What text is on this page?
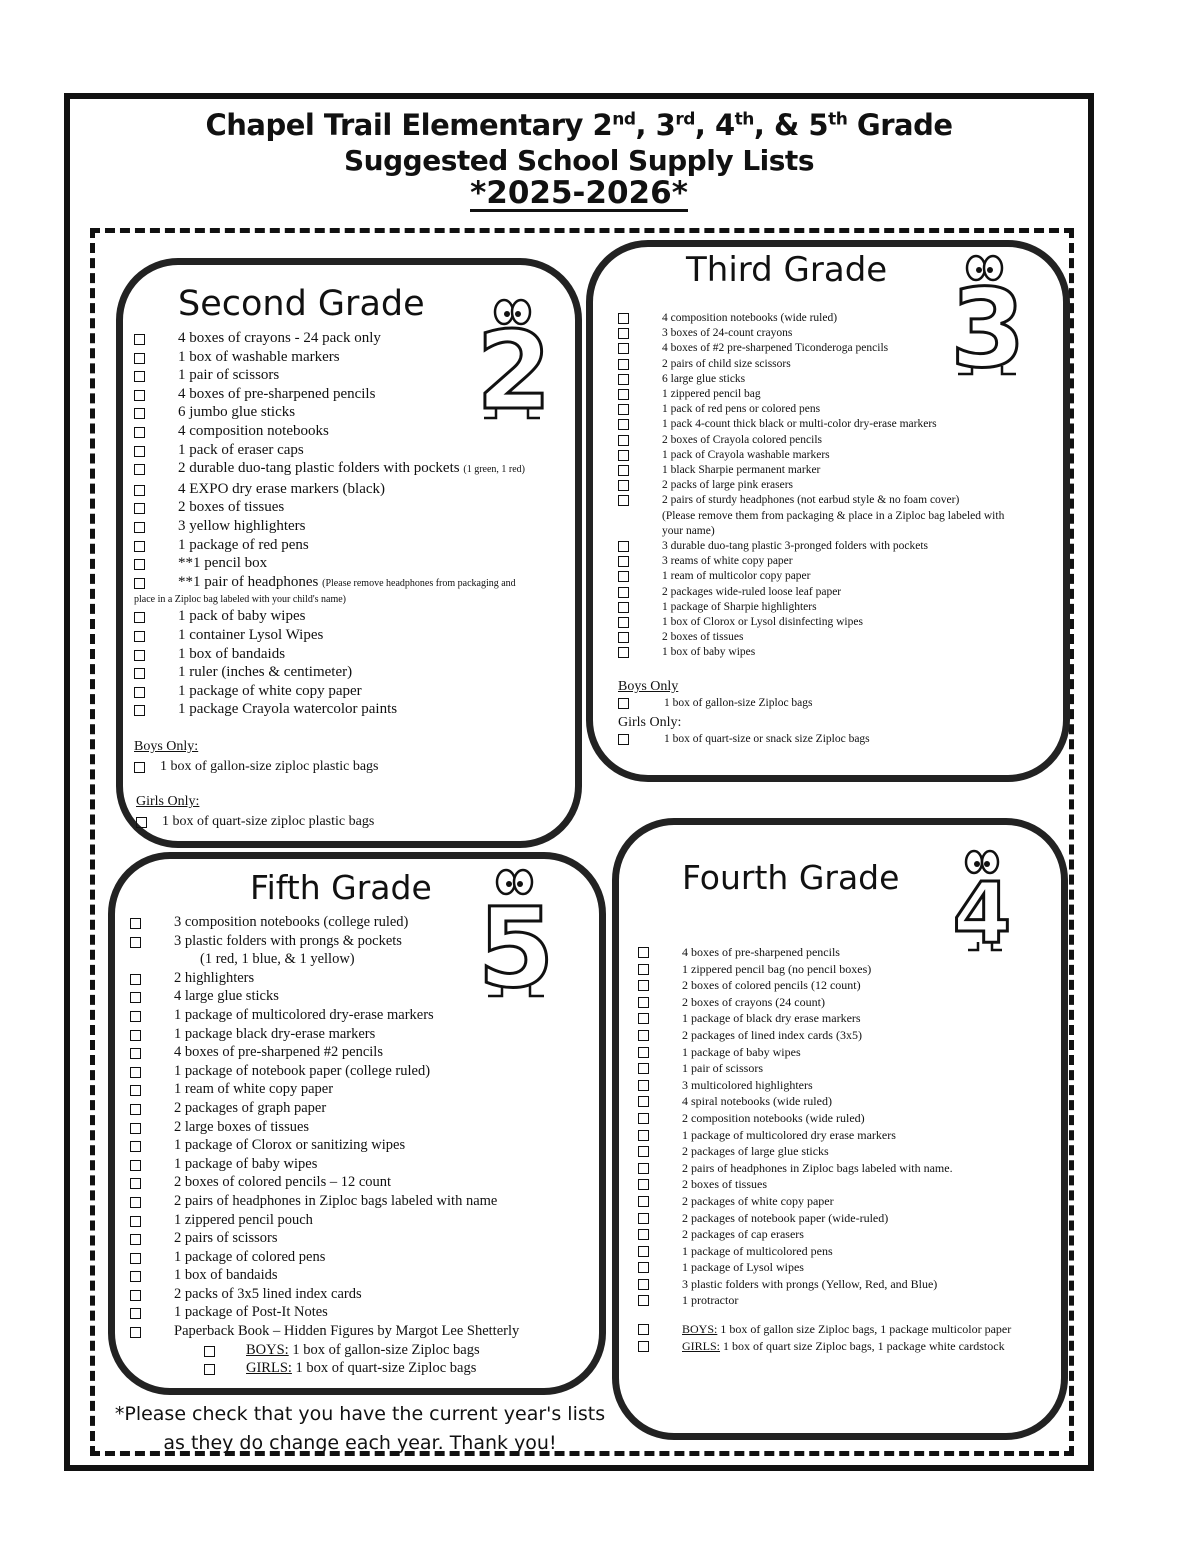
Chapel Trail Elementary 2nd, 3rd, 4th, & 5th Grade
Suggested School Supply Lists
*2025-2026*
Second Grade
2
4 boxes of crayons - 24 pack only
1 box of washable markers
1 pair of scissors
4 boxes of pre-sharpened pencils
6 jumbo glue sticks
4 composition notebooks
1 pack of eraser caps
2 durable duo-tang plastic folders with pockets (1 green, 1 red)
4 EXPO dry erase markers (black)
2 boxes of tissues
3 yellow highlighters
1 package of red pens
**1 pencil box
**1 pair of headphones (Please remove headphones from packaging and
place in a Ziploc bag labeled with your child's name)
1 pack of baby wipes
1 container Lysol Wipes
1 box of bandaids
1 ruler (inches & centimeter)
1 package of white copy paper
1 package Crayola watercolor paints
Boys Only:
1 box of gallon-size ziploc plastic bags
Girls Only:
1 box of quart-size ziploc plastic bags
Third Grade 3
4 composition notebooks (wide ruled)
3 boxes of 24-count crayons
4 boxes of #2 pre-sharpened Ticonderoga pencils
2 pairs of child size scissors
6 large glue sticks
1 zippered pencil bag
1 pack of red pens or colored pens
1 pack 4-count thick black or multi-color dry-erase markers
2 boxes of Crayola colored pencils
1 pack of Crayola washable markers
1 black Sharpie permanent marker
2 packs of large pink erasers
2 pairs of sturdy headphones (not earbud style & no foam cover)
(Please remove them from packaging & place in a Ziploc bag labeled with
your name)
3 durable duo-tang plastic 3-pronged folders with pockets
3 reams of white copy paper
1 ream of multicolor copy paper
2 packages wide-ruled loose leaf paper
1 package of Sharpie highlighters
1 box of Clorox or Lysol disinfecting wipes
2 boxes of tissues
1 box of baby wipes
Boys Only
1 box of gallon-size Ziploc bags
Girls Only:
1 box of quart-size or snack size Ziploc bags
Fifth Grade 5
3 composition notebooks (college ruled)
3 plastic folders with prongs & pockets
(1 red, 1 blue, & 1 yellow)
2 highlighters
4 large glue sticks
1 package of multicolored dry-erase markers
1 package black dry-erase markers
4 boxes of pre-sharpened #2 pencils
1 package of notebook paper (college ruled)
1 ream of white copy paper
2 packages of graph paper
2 large boxes of tissues
1 package of Clorox or sanitizing wipes
1 package of baby wipes
2 boxes of colored pencils – 12 count
2 pairs of headphones in Ziploc bags labeled with name
1 zippered pencil pouch
2 pairs of scissors
1 package of colored pens
1 box of bandaids
2 packs of 3x5 lined index cards
1 package of Post-It Notes
Paperback Book – Hidden Figures by Margot Lee Shetterly
BOYS: 1 box of gallon-size Ziploc bags
GIRLS: 1 box of quart-size Ziploc bags
Fourth Grade 4
4 boxes of pre-sharpened pencils
1 zippered pencil bag (no pencil boxes)
2 boxes of colored pencils (12 count)
2 boxes of crayons (24 count)
1 package of black dry erase markers
2 packages of lined index cards (3x5)
1 package of baby wipes
1 pair of scissors
3 multicolored highlighters
4 spiral notebooks (wide ruled)
2 composition notebooks (wide ruled)
1 package of multicolored dry erase markers
2 packages of large glue sticks
2 pairs of headphones in Ziploc bags labeled with name.
2 boxes of tissues
2 packages of white copy paper
2 packages of notebook paper (wide-ruled)
2 packages of cap erasers
1 package of multicolored pens
1 package of Lysol wipes
3 plastic folders with prongs (Yellow, Red, and Blue)
1 protractor
BOYS: 1 box of gallon size Ziploc bags, 1 package multicolor paper
GIRLS: 1 box of quart size Ziploc bags, 1 package white cardstock
*Please check that you have the current year's lists
as they do change each year. Thank you!
